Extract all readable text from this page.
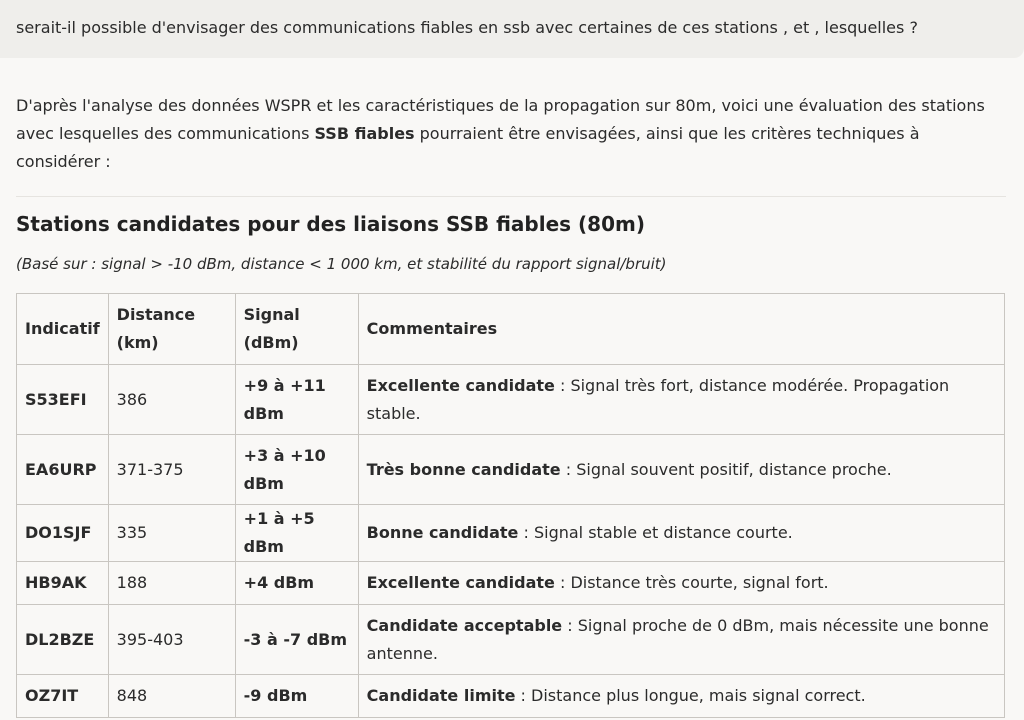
serait-il possible d'envisager des communications fiables en ssb avec certaines de ces stations , et , lesquelles ?

D'après l'analyse des données WSPR et les caractéristiques de la propagation sur 80m, voici une évaluation des stations avec lesquelles des communications SSB fiables pourraient être envisagées, ainsi que les critères techniques à considérer :

Stations candidates pour des liaisons SSB fiables (80m)

(Basé sur : signal > -10 dBm, distance < 1 000 km, et stabilité du rapport signal/bruit)

Indicatif	Distance (km)	Signal (dBm)	Commentaires
S53EFI	386	+9 à +11 dBm	Excellente candidate : Signal très fort, distance modérée. Propagation stable.
EA6URP	371-375	+3 à +10 dBm	Très bonne candidate : Signal souvent positif, distance proche.
DO1SJF	335	+1 à +5 dBm	Bonne candidate : Signal stable et distance courte.
HB9AK	188	+4 dBm	Excellente candidate : Distance très courte, signal fort.
DL2BZE	395-403	-3 à -7 dBm	Candidate acceptable : Signal proche de 0 dBm, mais nécessite une bonne antenne.
OZ7IT	848	-9 dBm	Candidate limite : Distance plus longue, mais signal correct.
